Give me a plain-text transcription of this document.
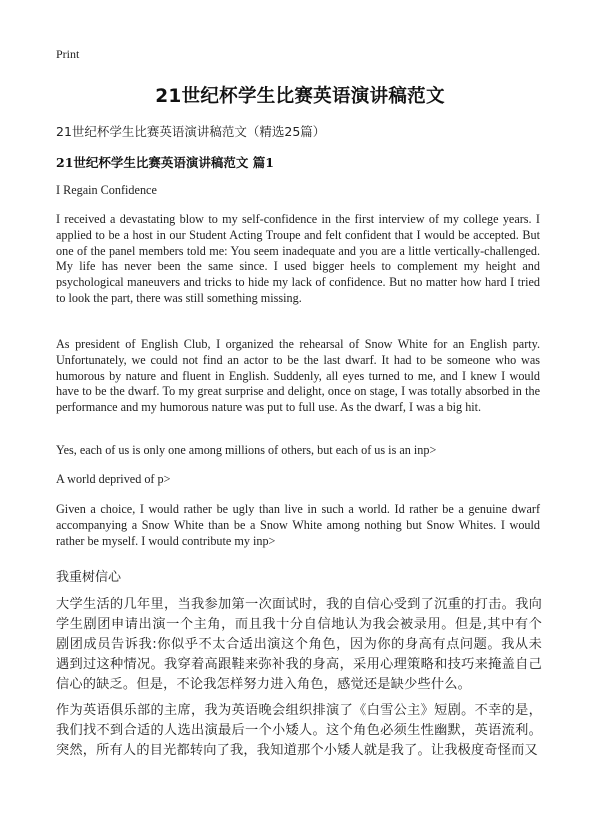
Print
21世纪杯学生比赛英语演讲稿范文
21世纪杯学生比赛英语演讲稿范文（精选25篇）
21世纪杯学生比赛英语演讲稿范文 篇1
I Regain Confidence
I received a devastating blow to my self-confidence in the first interview of my college years. I applied to be a host in our Student Acting Troupe and felt confident that I would be accepted. But one of the panel members told me: You seem inadequate and you are a little vertically-challenged. My life has never been the same since. I used bigger heels to complement my height and psychological maneuvers and tricks to hide my lack of confidence. But no matter how hard I tried to look the part, there was still something missing.
As president of English Club, I organized the rehearsal of Snow White for an English party. Unfortunately, we could not find an actor to be the last dwarf. It had to be someone who was humorous by nature and fluent in English. Suddenly, all eyes turned to me, and I knew I would have to be the dwarf. To my great surprise and delight, once on stage, I was totally absorbed in the performance and my humorous nature was put to full use. As the dwarf, I was a big hit.
Yes, each of us is only one among millions of others, but each of us is an inp>
A world deprived of p>
Given a choice, I would rather be ugly than live in such a world. Id rather be a genuine dwarf accompanying a Snow White than be a Snow White among nothing but Snow Whites. I would rather be myself. I would contribute my inp>
我重树信心
大学生活的几年里，当我参加第一次面试时，我的自信心受到了沉重的打击。我向学生剧团申请出演一个主角，而且我十分自信地认为我会被录用。但是,其中有个剧团成员告诉我:你似乎不太合适出演这个角色，因为你的身高有点问题。我从未遇到过这种情况。我穿着高跟鞋来弥补我的身高，采用心理策略和技巧来掩盖自己信心的缺乏。但是，不论我怎样努力进入角色，感觉还是缺少些什么。
作为英语俱乐部的主席，我为英语晚会组织排演了《白雪公主》短剧。不幸的是，我们找不到合适的人选出演最后一个小矮人。这个角色必须生性幽默，英语流利。突然，所有人的目光都转向了我，我知道那个小矮人就是我了。让我极度奇怪而又
